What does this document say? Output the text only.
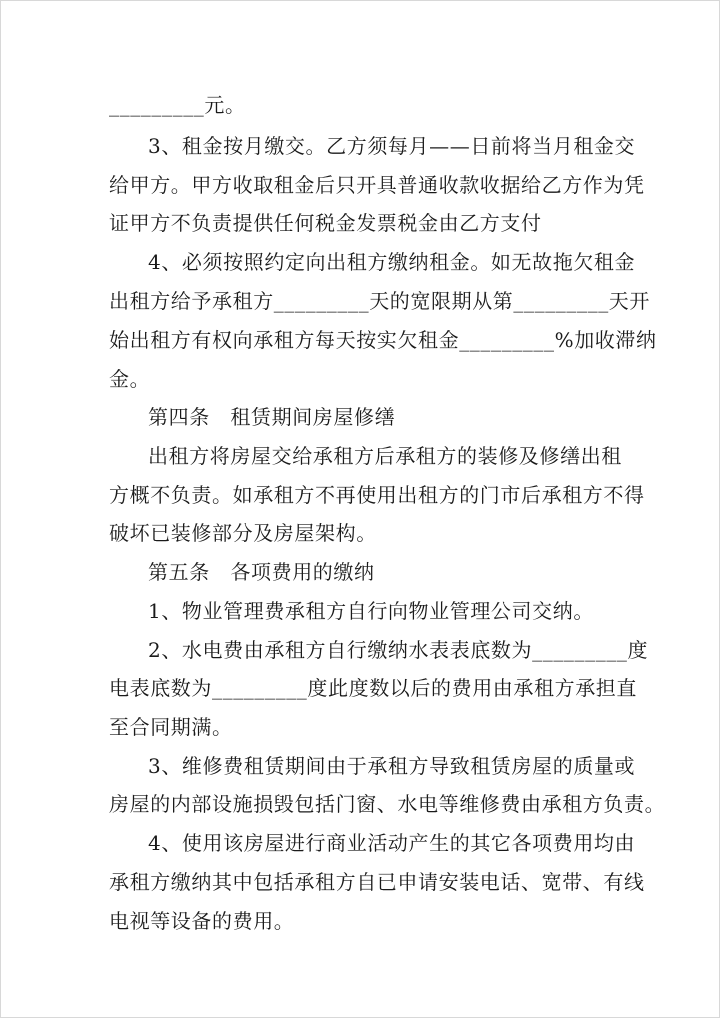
_________元。
3、租金按月缴交。乙方须每月——日前将当月租金交
给甲方。甲方收取租金后只开具普通收款收据给乙方作为凭
证甲方不负责提供任何税金发票税金由乙方支付
4、必须按照约定向出租方缴纳租金。如无故拖欠租金
出租方给予承租方_________天的宽限期从第_________天开
始出租方有权向承租方每天按实欠租金_________%加收滞纳
金。
第四条　租赁期间房屋修缮
出租方将房屋交给承租方后承租方的装修及修缮出租
方概不负责。如承租方不再使用出租方的门市后承租方不得
破坏已装修部分及房屋架构。
第五条　各项费用的缴纳
1、物业管理费承租方自行向物业管理公司交纳。
2、水电费由承租方自行缴纳水表表底数为_________度
电表底数为_________度此度数以后的费用由承租方承担直
至合同期满。
3、维修费租赁期间由于承租方导致租赁房屋的质量或
房屋的内部设施损毁包括门窗、水电等维修费由承租方负责。
4、使用该房屋进行商业活动产生的其它各项费用均由
承租方缴纳其中包括承租方自已申请安装电话、宽带、有线
电视等设备的费用。
